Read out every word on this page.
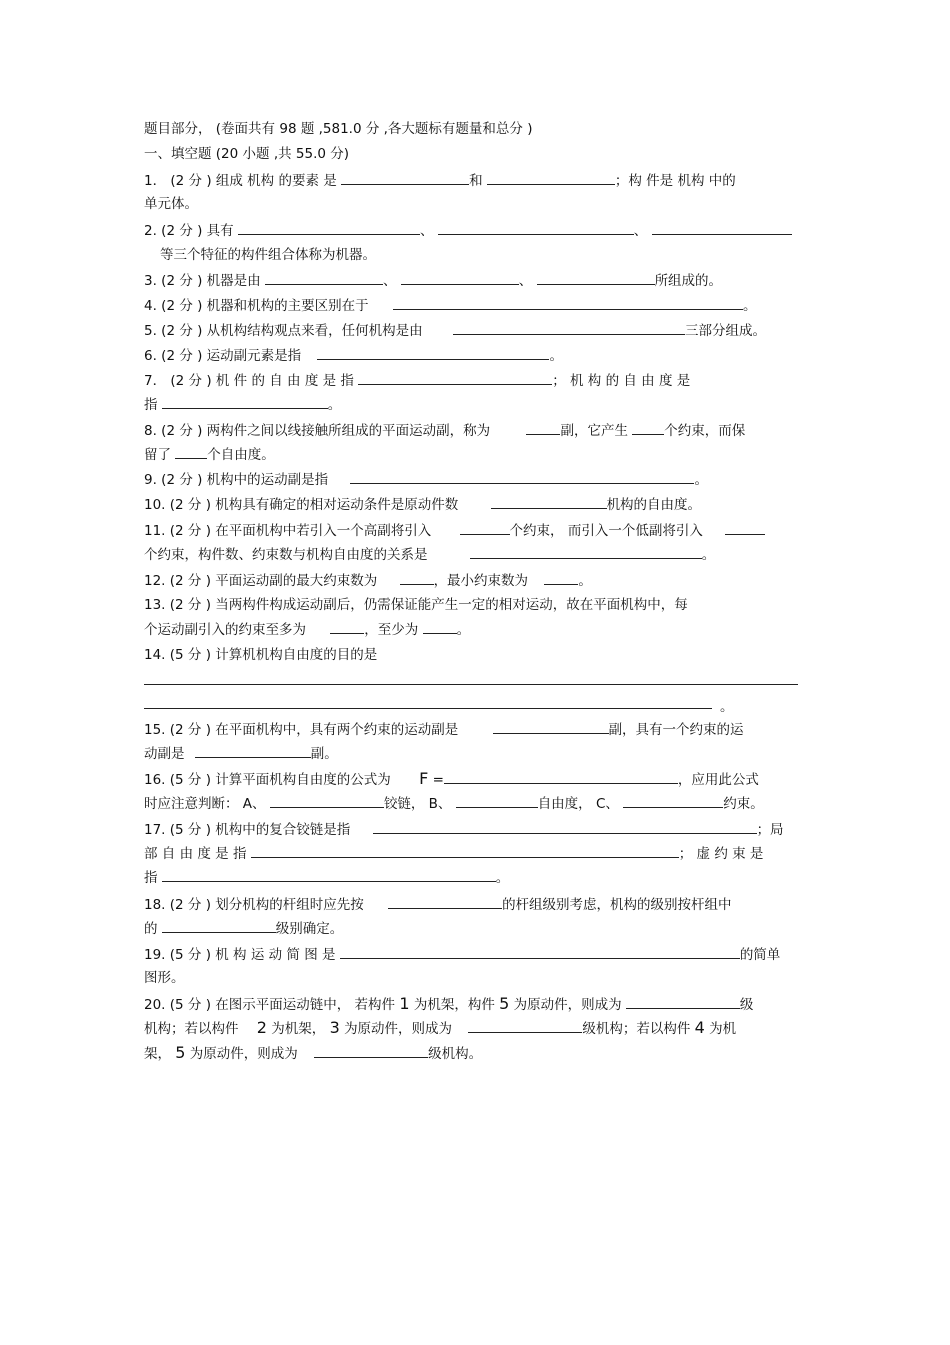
题目部分， (卷面共有 98 题 ,581.0 分 ,各大题标有题量和总分 )
一、填空题 (20 小题 ,共 55.0 分)
1． (2 分 ) 组成 机构 的要素 是	和	；构 件是 机构 中的
单元体。
2. (2 分 ) 具有	、	、
等三个特征的构件组合体称为机器。
3. (2 分 ) 机器是由	、	、	所组成的。
4. (2 分 ) 机器和机构的主要区别在于	。
5. (2 分 ) 从机构结构观点来看，任何机构是由	三部分组成。
6. (2 分 ) 运动副元素是指	。
7． (2 分 ) 机 件 的 自 由 度 是 指	； 机 构 的 自 由 度 是
指	。
8. (2 分 ) 两构件之间以线接触所组成的平面运动副，称为	副，它产生	个约束，而保
留了	个自由度。
9. (2 分 ) 机构中的运动副是指	。
10. (2 分 ) 机构具有确定的相对运动条件是原动件数	机构的自由度。
11. (2 分 ) 在平面机构中若引入一个高副将引入	个约束， 而引入一个低副将引入
个约束，构件数、约束数与机构自由度的关系是	。
12. (2 分 ) 平面运动副的最大约束数为	，最小约束数为	。
13. (2 分 ) 当两构件构成运动副后，仍需保证能产生一定的相对运动，故在平面机构中，每
个运动副引入的约束至多为	，至少为	。
14. (5 分 ) 计算机机构自由度的目的是
。
15. (2 分 ) 在平面机构中，具有两个约束的运动副是	副，具有一个约束的运
动副是	副。
16. (5 分 ) 计算平面机构自由度的公式为 F =	，应用此公式
时应注意判断： A、	铰链， B、	自由度， C、	约束。
17. (5 分 ) 机构中的复合铰链是指	；局
部 自 由 度 是 指	； 虚 约 束 是
指	。
18. (2 分 ) 划分机构的杆组时应先按	的杆组级别考虑，机构的级别按杆组中
的	级别确定。
19. (5 分 ) 机 构 运 动 简 图 是	的简单
图形。
20. (5 分 ) 在图示平面运动链中， 若构件 1 为机架，构件 5 为原动件，则成为	级
机构；若以构件 2 为机架， 3 为原动件，则成为	级机构；若以构件 4 为机
架， 5 为原动件，则成为	级机构。
